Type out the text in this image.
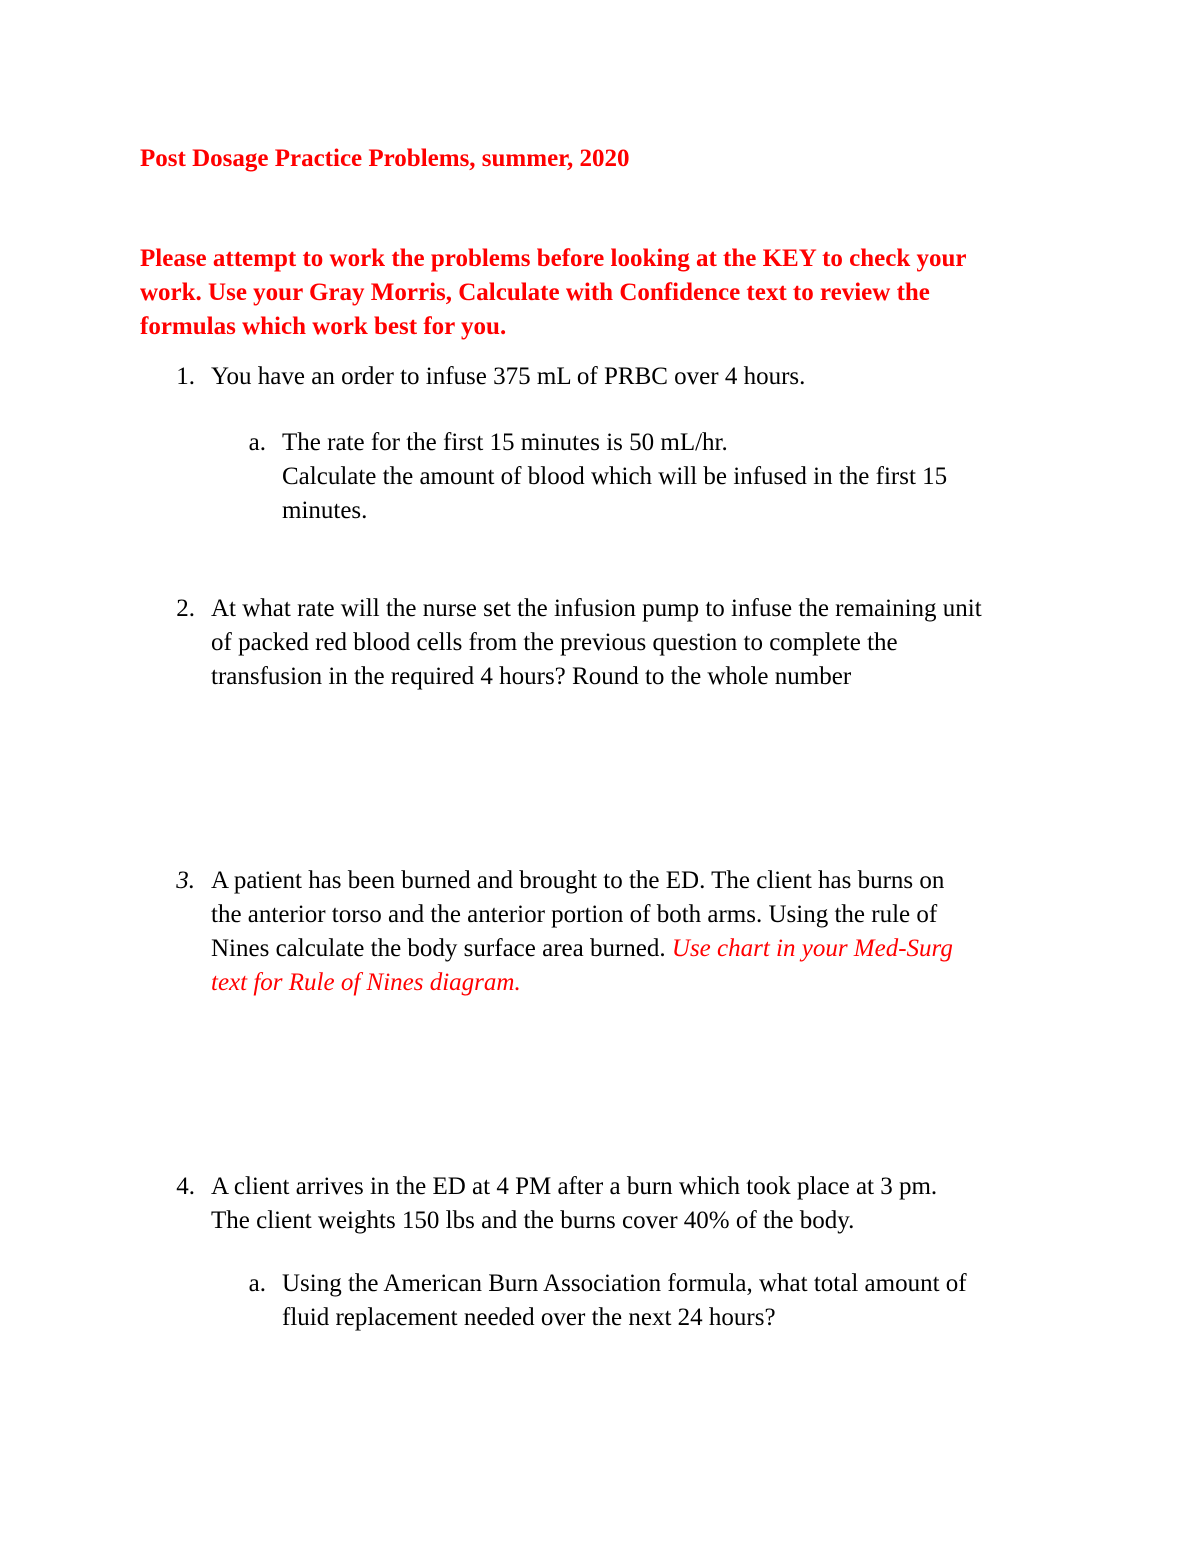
Post Dosage Practice Problems, summer, 2020
Please attempt to work the problems before looking at the KEY to check your
work. Use your Gray Morris, Calculate with Confidence text to review the
formulas which work best for you.
1. You have an order to infuse 375 mL of PRBC over 4 hours.
a. The rate for the first 15 minutes is 50 mL/hr.
Calculate the amount of blood which will be infused in the first 15
minutes.
2. At what rate will the nurse set the infusion pump to infuse the remaining unit
of packed red blood cells from the previous question to complete the
transfusion in the required 4 hours? Round to the whole number
3. A patient has been burned and brought to the ED. The client has burns on
the anterior torso and the anterior portion of both arms. Using the rule of
Nines calculate the body surface area burned. Use chart in your Med-Surg
text for Rule of Nines diagram.
4. A client arrives in the ED at 4 PM after a burn which took place at 3 pm.
The client weights 150 lbs and the burns cover 40% of the body.
a. Using the American Burn Association formula, what total amount of
fluid replacement needed over the next 24 hours?
